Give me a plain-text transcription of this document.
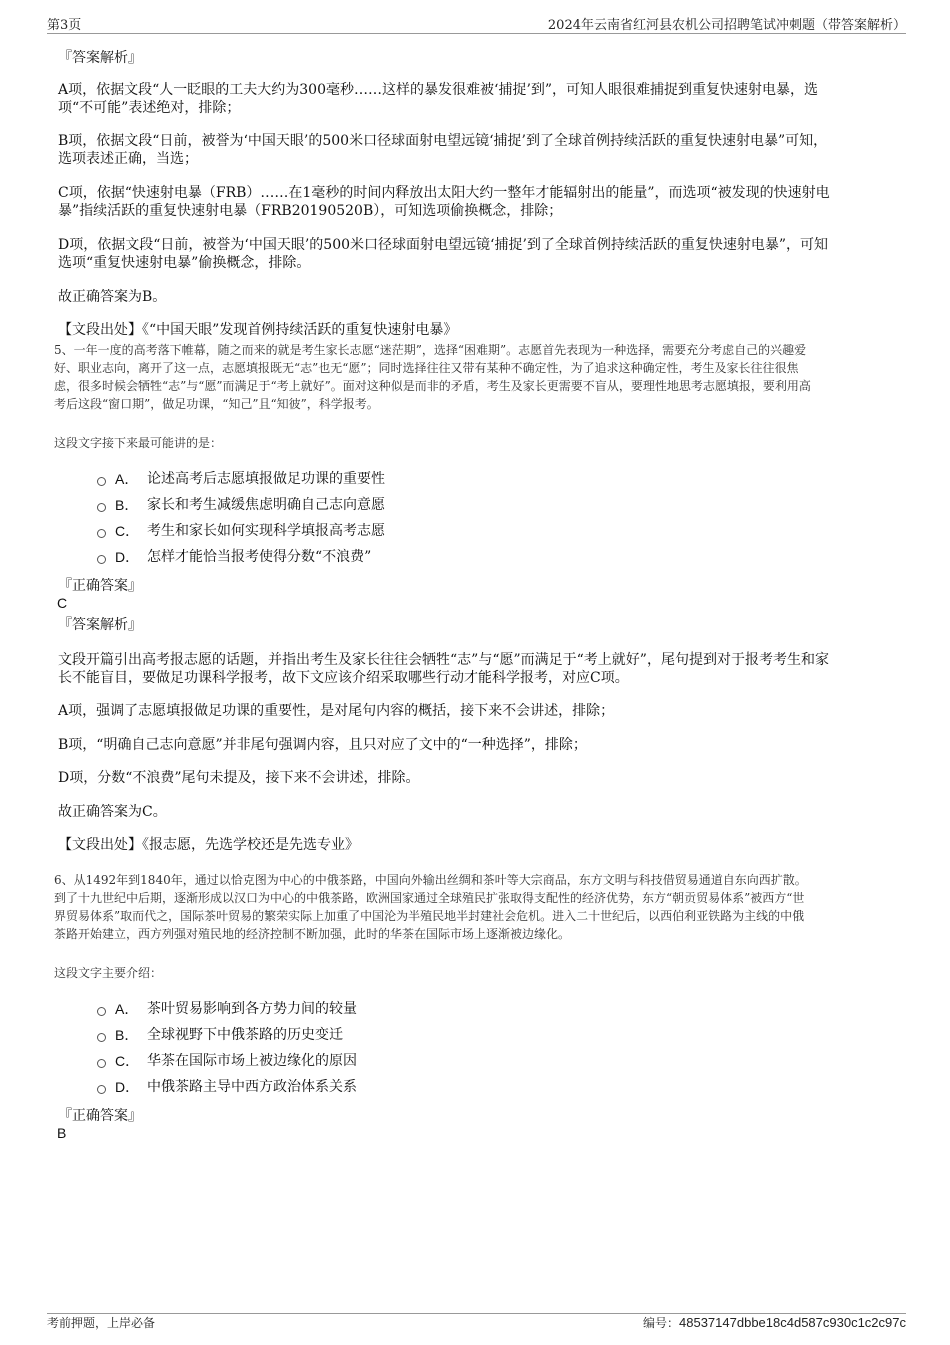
第3页	2024年云南省红河县农机公司招聘笔试冲刺题（带答案解析）
『答案解析』
A项，依据文段“人一眨眼的工夫大约为300毫秒……这样的暴发很难被‘捕捉’到”，可知人眼很难捕捉到重复快速射电暴，选
项“不可能”表述绝对，排除；
B项，依据文段“日前，被誉为‘中国天眼’的500米口径球面射电望远镜‘捕捉’到了全球首例持续活跃的重复快速射电暴”可知，
选项表述正确，当选；
C项，依据“快速射电暴（FRB）……在1毫秒的时间内释放出太阳大约一整年才能辐射出的能量”，而选项“被发现的快速射电
暴”指续活跃的重复快速射电暴（FRB20190520B），可知选项偷换概念，排除；
D项，依据文段“日前，被誉为‘中国天眼’的500米口径球面射电望远镜‘捕捉’到了全球首例持续活跃的重复快速射电暴”，可知
选项“重复快速射电暴”偷换概念，排除。
故正确答案为B。
【文段出处】《“中国天眼”发现首例持续活跃的重复快速射电暴》
5、一年一度的高考落下帷幕，随之而来的就是考生家长志愿“迷茫期”，选择“困难期”。志愿首先表现为一种选择，需要充分考虑自己的兴趣爱
好、职业志向，离开了这一点，志愿填报既无“志”也无“愿”；同时选择往往又带有某种不确定性，为了追求这种确定性，考生及家长往往很焦
虑，很多时候会牺牲“志”与“愿”而满足于“考上就好”。面对这种似是而非的矛盾，考生及家长更需要不盲从，要理性地思考志愿填报，要利用高
考后这段“窗口期”，做足功课，“知己”且“知彼”，科学报考。
这段文字接下来最可能讲的是：
A． 论述高考后志愿填报做足功课的重要性
B． 家长和考生减缓焦虑明确自己志向意愿
C． 考生和家长如何实现科学填报高考志愿
D． 怎样才能恰当报考使得分数“不浪费”
『正确答案』
C
『答案解析』
文段开篇引出高考报志愿的话题，并指出考生及家长往往会牺牲“志”与“愿”而满足于“考上就好”，尾句提到对于报考考生和家
长不能盲目，要做足功课科学报考，故下文应该介绍采取哪些行动才能科学报考，对应C项。
A项，强调了志愿填报做足功课的重要性，是对尾句内容的概括，接下来不会讲述，排除；
B项，“明确自己志向意愿”并非尾句强调内容，且只对应了文中的“一种选择”，排除；
D项，分数“不浪费”尾句未提及，接下来不会讲述，排除。
故正确答案为C。
【文段出处】《报志愿，先选学校还是先选专业》
6、从1492年到1840年，通过以恰克图为中心的中俄茶路，中国向外输出丝绸和茶叶等大宗商品，东方文明与科技借贸易通道自东向西扩散。
到了十九世纪中后期，逐渐形成以汉口为中心的中俄茶路，欧洲国家通过全球殖民扩张取得支配性的经济优势，东方“朝贡贸易体系”被西方“世
界贸易体系”取而代之，国际茶叶贸易的繁荣实际上加重了中国沦为半殖民地半封建社会危机。进入二十世纪后，以西伯利亚铁路为主线的中俄
茶路开始建立，西方列强对殖民地的经济控制不断加强，此时的华茶在国际市场上逐渐被边缘化。
这段文字主要介绍：
A． 茶叶贸易影响到各方势力间的较量
B． 全球视野下中俄茶路的历史变迁
C． 华茶在国际市场上被边缘化的原因
D． 中俄茶路主导中西方政治体系关系
『正确答案』
B
考前押题，上岸必备	编号：48537147dbbe18c4d587c930c1c2c97c
